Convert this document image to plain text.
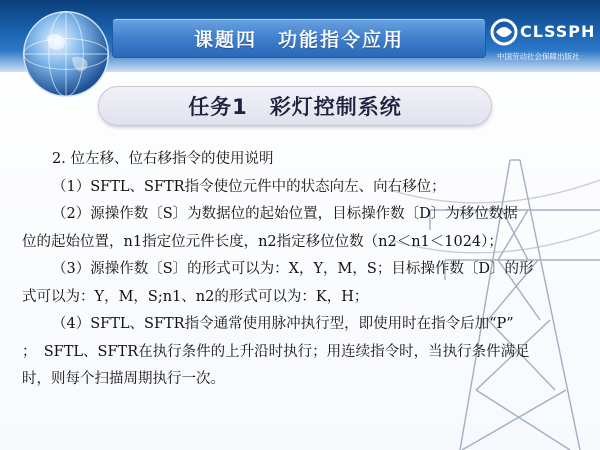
课题四　功能指令应用
中国劳动社会保障出版社
CLSSPH
任务1　彩灯控制系统
2. 位左移、位右移指令的使用说明
（1）SFTL、SFTR指令使位元件中的状态向左、向右移位；
（2）源操作数〔S〕为数据位的起始位置，目标操作数〔D〕为移位数据
位的起始位置，n1指定位元件长度，n2指定移位位数（n2＜n1＜1024）；
（3）源操作数〔S〕的形式可以为：X，Y，M，S；目标操作数〔D〕的形
式可以为：Y，M，S;n1、n2的形式可以为：K，H；
（4）SFTL、SFTR指令通常使用脉冲执行型，即使用时在指令后加“P”
；　SFTL、SFTR在执行条件的上升沿时执行；用连续指令时，当执行条件满足
时，则每个扫描周期执行一次。
